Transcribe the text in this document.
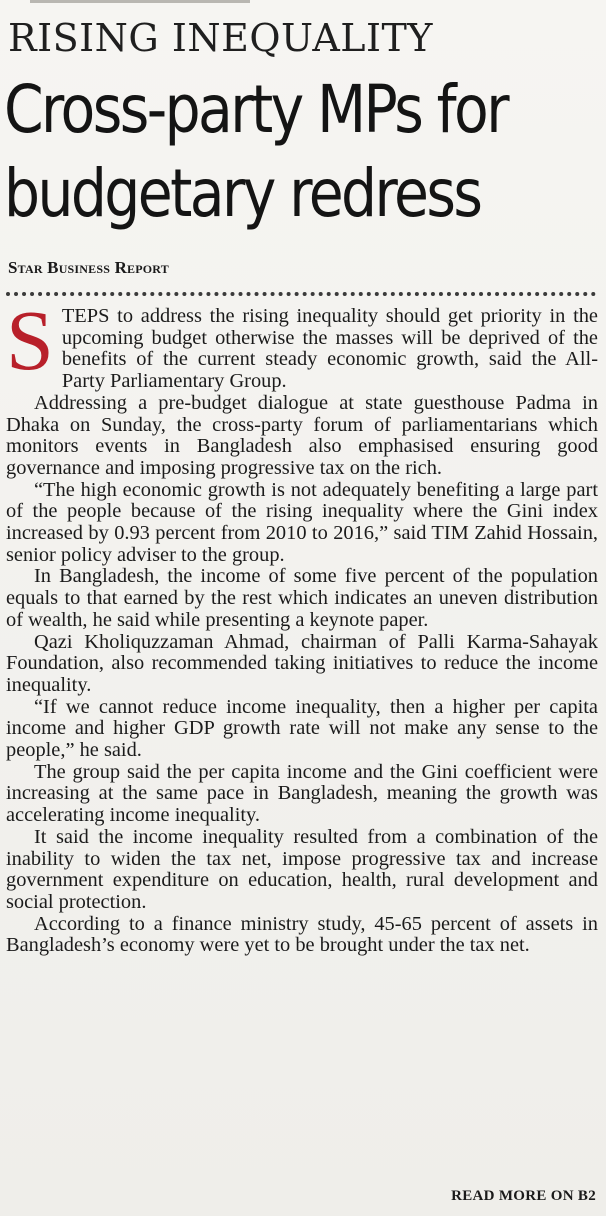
RISING INEQUALITY
Cross-party MPs for
budgetary redress
Star Business Report

STEPS to address the rising inequality should get priority in the upcoming budget otherwise the masses will be deprived of the benefits of the current steady economic growth, said the All-Party Parliamentary Group.

Addressing a pre-budget dialogue at state guesthouse Padma in Dhaka on Sunday, the cross-party forum of parliamentarians which monitors events in Bangladesh also emphasised ensuring good governance and imposing progressive tax on the rich.

“The high economic growth is not adequately benefiting a large part of the people because of the rising inequality where the Gini index increased by 0.93 percent from 2010 to 2016,” said TIM Zahid Hossain, senior policy adviser to the group.

In Bangladesh, the income of some five percent of the population equals to that earned by the rest which indicates an uneven distribution of wealth, he said while presenting a keynote paper.

Qazi Kholiquzzaman Ahmad, chairman of Palli Karma-Sahayak Foundation, also recommended taking initiatives to reduce the income inequality.

“If we cannot reduce income inequality, then a higher per capita income and higher GDP growth rate will not make any sense to the people,” he said.

The group said the per capita income and the Gini coefficient were increasing at the same pace in Bangladesh, meaning the growth was accelerating income inequality.

It said the income inequality resulted from a combination of the inability to widen the tax net, impose progressive tax and increase government expenditure on education, health, rural development and social protection.

According to a finance ministry study, 45-65 percent of assets in Bangladesh’s economy were yet to be brought under the tax net.

READ MORE ON B2
